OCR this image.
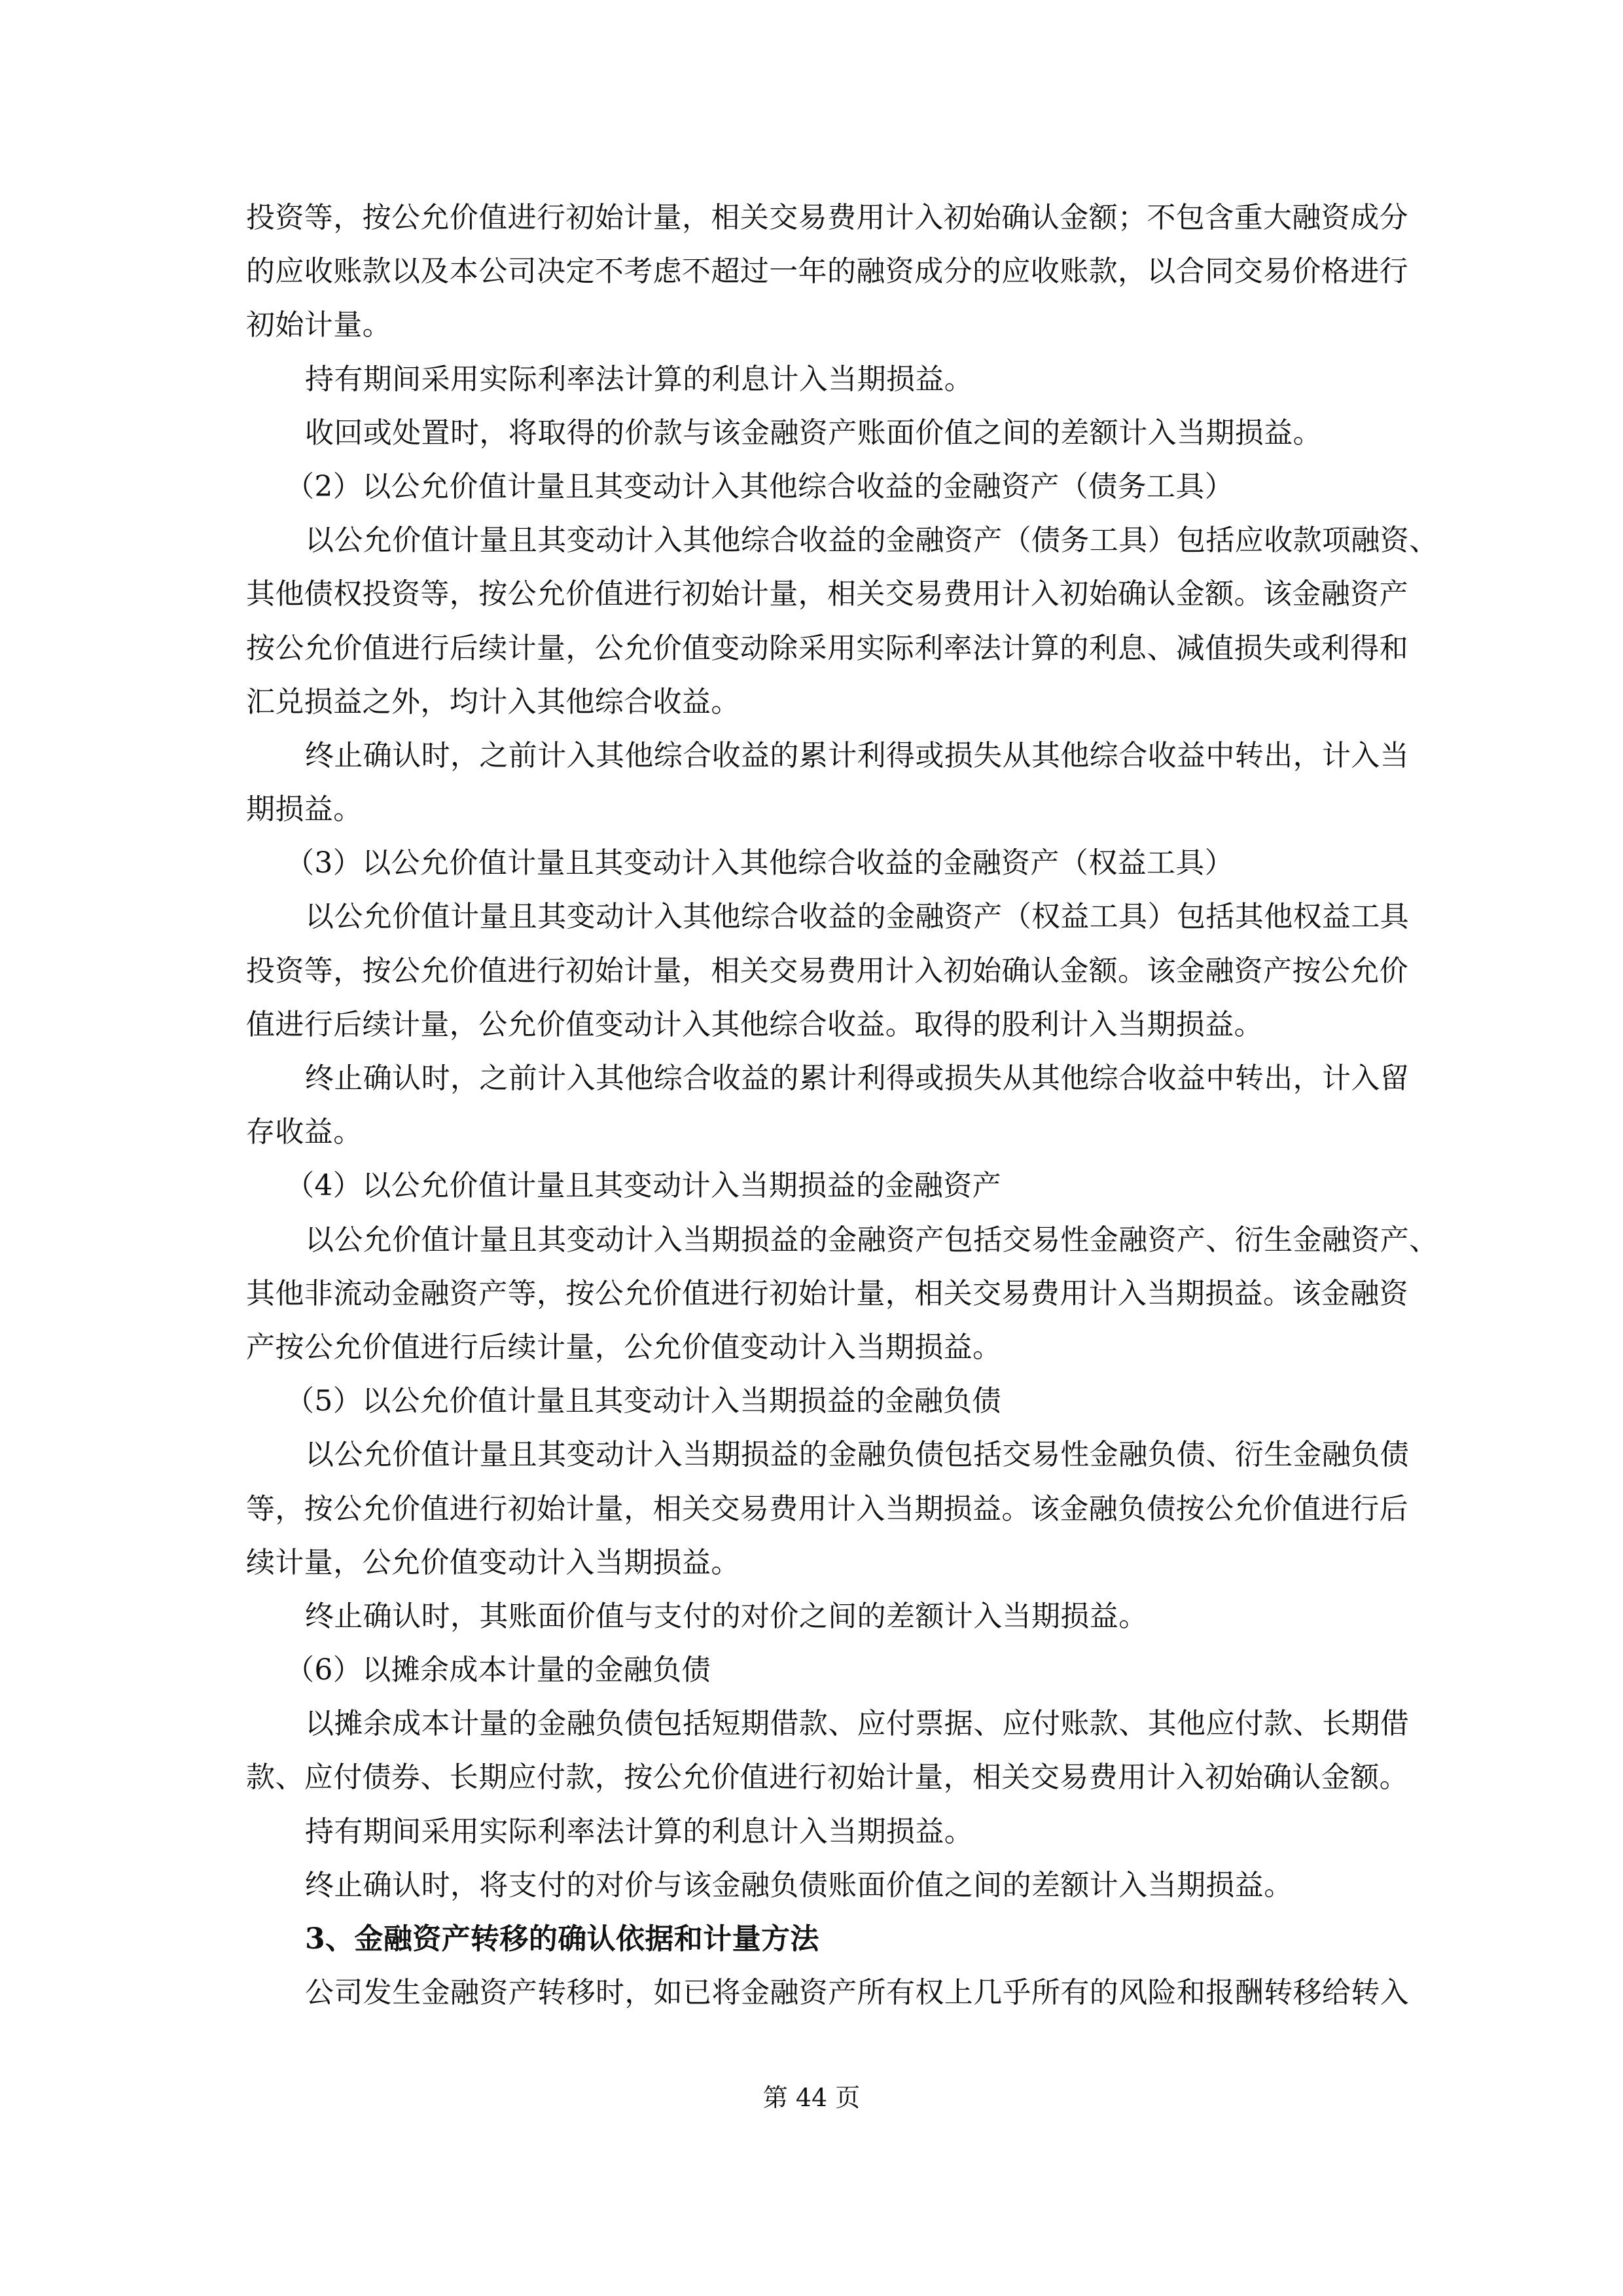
投资等，按公允价值进行初始计量，相关交易费用计入初始确认金额；不包含重大融资成分
的应收账款以及本公司决定不考虑不超过一年的融资成分的应收账款，以合同交易价格进行
初始计量。
持有期间采用实际利率法计算的利息计入当期损益。
收回或处置时，将取得的价款与该金融资产账面价值之间的差额计入当期损益。
（2）以公允价值计量且其变动计入其他综合收益的金融资产（债务工具）
以公允价值计量且其变动计入其他综合收益的金融资产（债务工具）包括应收款项融资、
其他债权投资等，按公允价值进行初始计量，相关交易费用计入初始确认金额。该金融资产
按公允价值进行后续计量，公允价值变动除采用实际利率法计算的利息、减值损失或利得和
汇兑损益之外，均计入其他综合收益。
终止确认时，之前计入其他综合收益的累计利得或损失从其他综合收益中转出，计入当
期损益。
（3）以公允价值计量且其变动计入其他综合收益的金融资产（权益工具）
以公允价值计量且其变动计入其他综合收益的金融资产（权益工具）包括其他权益工具
投资等，按公允价值进行初始计量，相关交易费用计入初始确认金额。该金融资产按公允价
值进行后续计量，公允价值变动计入其他综合收益。取得的股利计入当期损益。
终止确认时，之前计入其他综合收益的累计利得或损失从其他综合收益中转出，计入留
存收益。
（4）以公允价值计量且其变动计入当期损益的金融资产
以公允价值计量且其变动计入当期损益的金融资产包括交易性金融资产、衍生金融资产、
其他非流动金融资产等，按公允价值进行初始计量，相关交易费用计入当期损益。该金融资
产按公允价值进行后续计量，公允价值变动计入当期损益。
（5）以公允价值计量且其变动计入当期损益的金融负债
以公允价值计量且其变动计入当期损益的金融负债包括交易性金融负债、衍生金融负债
等，按公允价值进行初始计量，相关交易费用计入当期损益。该金融负债按公允价值进行后
续计量，公允价值变动计入当期损益。
终止确认时，其账面价值与支付的对价之间的差额计入当期损益。
（6）以摊余成本计量的金融负债
以摊余成本计量的金融负债包括短期借款、应付票据、应付账款、其他应付款、长期借
款、应付债券、长期应付款，按公允价值进行初始计量，相关交易费用计入初始确认金额。
持有期间采用实际利率法计算的利息计入当期损益。
终止确认时，将支付的对价与该金融负债账面价值之间的差额计入当期损益。
3、金融资产转移的确认依据和计量方法
公司发生金融资产转移时，如已将金融资产所有权上几乎所有的风险和报酬转移给转入
第 44 页
